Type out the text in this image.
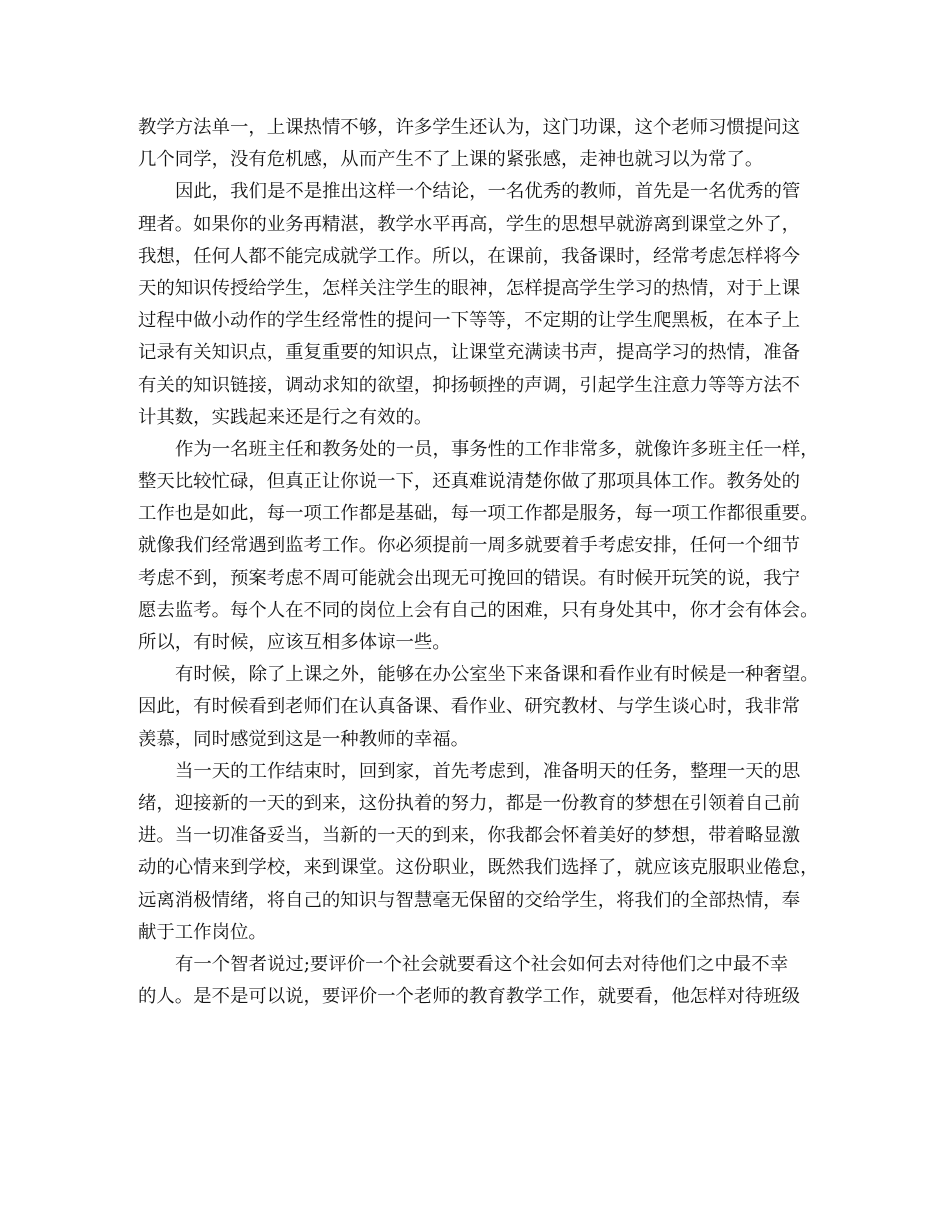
教学方法单一，上课热情不够，许多学生还认为，这门功课，这个老师习惯提问这
几个同学，没有危机感，从而产生不了上课的紧张感，走神也就习以为常了。
因此，我们是不是推出这样一个结论，一名优秀的教师，首先是一名优秀的管
理者。如果你的业务再精湛，教学水平再高，学生的思想早就游离到课堂之外了，
我想，任何人都不能完成就学工作。所以，在课前，我备课时，经常考虑怎样将今
天的知识传授给学生，怎样关注学生的眼神，怎样提高学生学习的热情，对于上课
过程中做小动作的学生经常性的提问一下等等，不定期的让学生爬黑板，在本子上
记录有关知识点，重复重要的知识点，让课堂充满读书声，提高学习的热情，准备
有关的知识链接，调动求知的欲望，抑扬顿挫的声调，引起学生注意力等等方法不
计其数，实践起来还是行之有效的。
作为一名班主任和教务处的一员，事务性的工作非常多，就像许多班主任一样，
整天比较忙碌，但真正让你说一下，还真难说清楚你做了那项具体工作。教务处的
工作也是如此，每一项工作都是基础，每一项工作都是服务，每一项工作都很重要。
就像我们经常遇到监考工作。你必须提前一周多就要着手考虑安排，任何一个细节
考虑不到，预案考虑不周可能就会出现无可挽回的错误。有时候开玩笑的说，我宁
愿去监考。每个人在不同的岗位上会有自己的困难，只有身处其中，你才会有体会。
所以，有时候，应该互相多体谅一些。
有时候，除了上课之外，能够在办公室坐下来备课和看作业有时候是一种奢望。
因此，有时候看到老师们在认真备课、看作业、研究教材、与学生谈心时，我非常
羡慕，同时感觉到这是一种教师的幸福。
当一天的工作结束时，回到家，首先考虑到，准备明天的任务，整理一天的思
绪，迎接新的一天的到来，这份执着的努力，都是一份教育的梦想在引领着自己前
进。当一切准备妥当，当新的一天的到来，你我都会怀着美好的梦想，带着略显激
动的心情来到学校，来到课堂。这份职业，既然我们选择了，就应该克服职业倦怠，
远离消极情绪，将自己的知识与智慧毫无保留的交给学生，将我们的全部热情，奉
献于工作岗位。
有一个智者说过;要评价一个社会就要看这个社会如何去对待他们之中最不幸
的人。是不是可以说，要评价一个老师的教育教学工作，就要看，他怎样对待班级
